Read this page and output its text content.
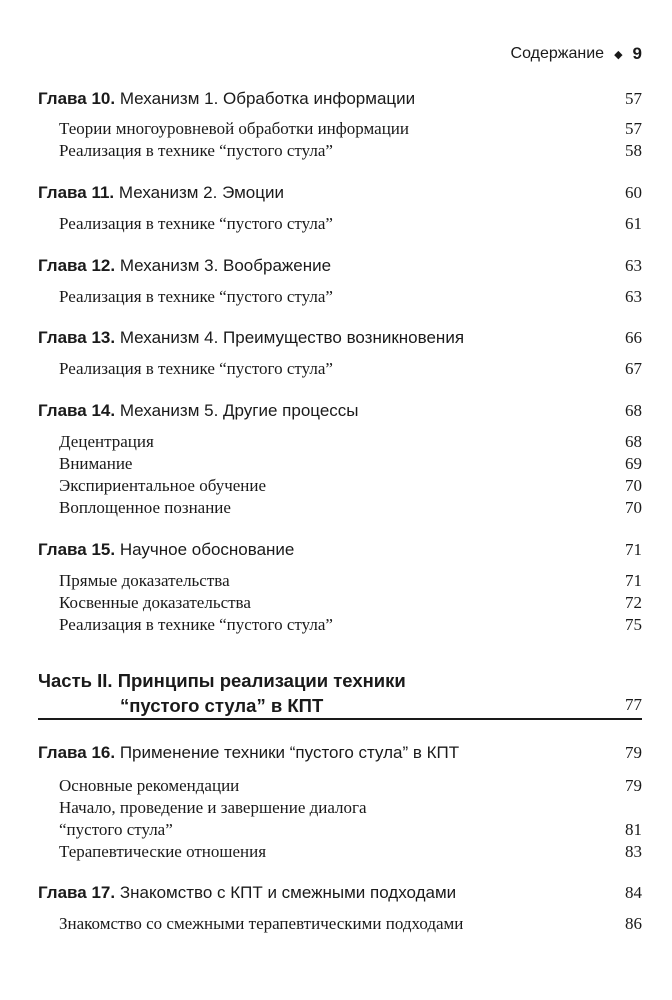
Содержание ◆ 9
Глава 10. Механизм 1. Обработка информации	57
Теории многоуровневой обработки информации	57
Реализация в технике “пустого стула”	58
Глава 11. Механизм 2. Эмоции	60
Реализация в технике “пустого стула”	61
Глава 12. Механизм 3. Воображение	63
Реализация в технике “пустого стула”	63
Глава 13. Механизм 4. Преимущество возникновения	66
Реализация в технике “пустого стула”	67
Глава 14. Механизм 5. Другие процессы	68
Децентрация	68
Внимание	69
Экспириентальное обучение	70
Воплощенное познание	70
Глава 15. Научное обоснование	71
Прямые доказательства	71
Косвенные доказательства	72
Реализация в технике “пустого стула”	75
Часть II. Принципы реализации техники
“пустого стула” в КПТ	77
Глава 16. Применение техники “пустого стула” в КПТ	79
Основные рекомендации	79
Начало, проведение и завершение диалога
“пустого стула”	81
Терапевтические отношения	83
Глава 17. Знакомство с КПТ и смежными подходами	84
Знакомство со смежными терапевтическими подходами	86
